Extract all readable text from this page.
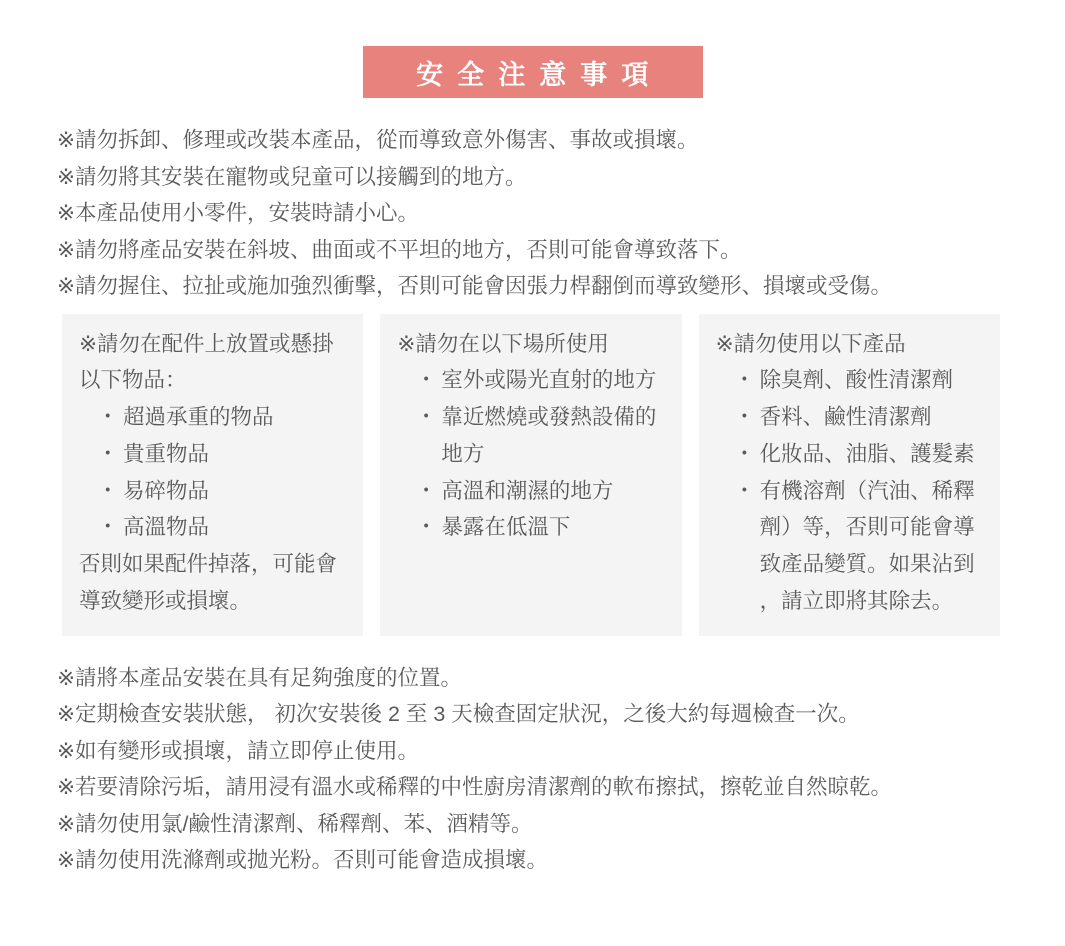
安全注意事項
※請勿拆卸、修理或改裝本產品，從而導致意外傷害、事故或損壞。
※請勿將其安裝在寵物或兒童可以接觸到的地方。
※本產品使用小零件，安裝時請小心。
※請勿將產品安裝在斜坡、曲面或不平坦的地方，否則可能會導致落下。
※請勿握住、拉扯或施加強烈衝擊，否則可能會因張力桿翻倒而導致變形、損壞或受傷。

※請勿在配件上放置或懸掛以下物品：

・ 超過承重的物品
・ 貴重物品
・ 易碎物品
・ 高溫物品

否則如果配件掉落，可能會導致變形或損壞。

※請勿在以下場所使用

・ 室外或陽光直射的地方
・ 靠近燃燒或發熱設備的地方
・ 高溫和潮濕的地方
・ 暴露在低溫下

※請勿使用以下產品

・ 除臭劑、酸性清潔劑
・ 香料、鹼性清潔劑
・ 化妝品、油脂、護髮素
・ 有機溶劑（汽油、稀釋劑）等，否則可能會導致產品變質。如果沾到，請立即將其除去。
※請將本產品安裝在具有足夠強度的位置。
※定期檢查安裝狀態， 初次安裝後 2 至 3 天檢查固定狀況，之後大約每週檢查一次。
※如有變形或損壞，請立即停止使用。
※若要清除污垢，請用浸有溫水或稀釋的中性廚房清潔劑的軟布擦拭，擦乾並自然晾乾。
※請勿使用氯/鹼性清潔劑、稀釋劑、苯、酒精等。
※請勿使用洗滌劑或拋光粉。否則可能會造成損壞。
